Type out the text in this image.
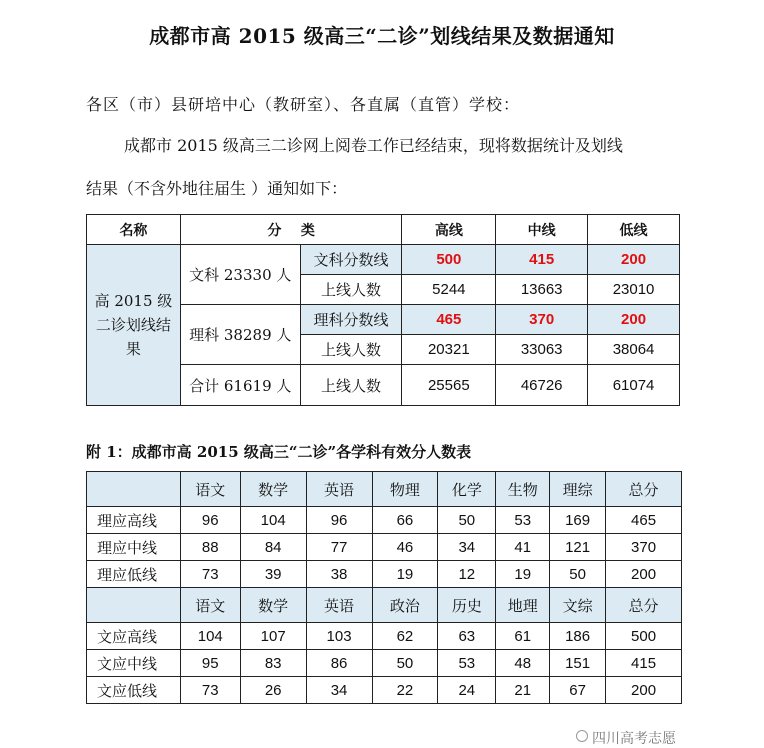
成都市高 2015 级高三“二诊”划线结果及数据通知
各区（市）县研培中心（教研室）、各直属（直管）学校：
成都市 2015 级高三二诊网上阅卷工作已经结束，现将数据统计及划线
结果（不含外地往届生 ）通知如下：
名称	分    类		高线	中线	低线
高 2015 级二诊划线结果	文科 23330 人	文科分数线	500	415	200
		上线人数	5244	13663	23010
	理科 38289 人	理科分数线	465	370	200
		上线人数	20321	33063	38064
	合计 61619 人	上线人数	25565	46726	61074
附 1：成都市高 2015 级高三“二诊”各学科有效分人数表
	语文	数学	英语	物理	化学	生物	理综	总分
理应高线	96	104	96	66	50	53	169	465
理应中线	88	84	77	46	34	41	121	370
理应低线	73	39	38	19	12	19	50	200
	语文	数学	英语	政治	历史	地理	文综	总分
文应高线	104	107	103	62	63	61	186	500
文应中线	95	83	86	50	53	48	151	415
文应低线	73	26	34	22	24	21	67	200
四川高考志愿
